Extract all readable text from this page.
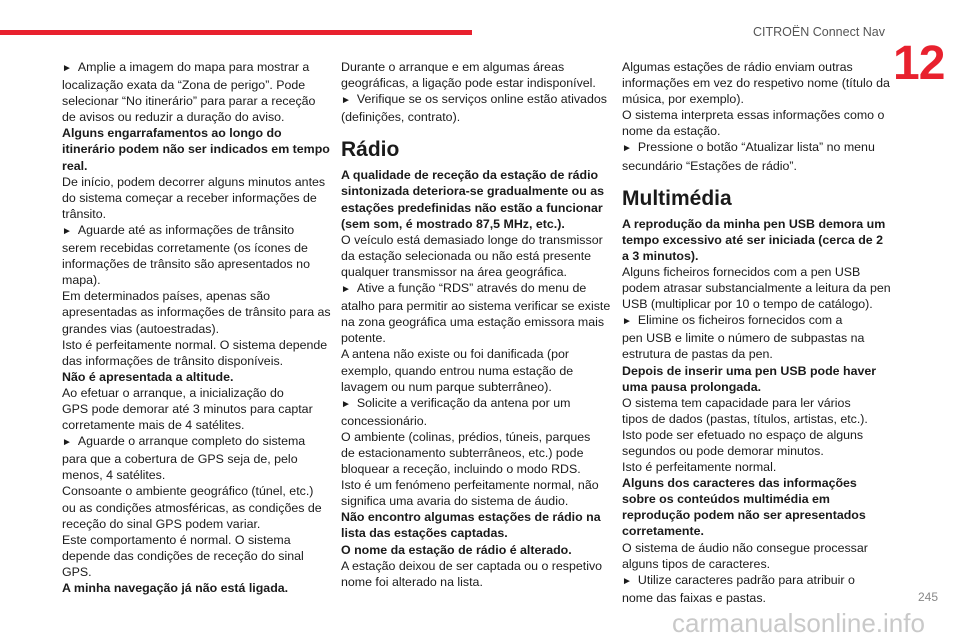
CITROËN Connect Nav
12
► Amplie a imagem do mapa para mostrar a
localização exata da “Zona de perigo”. Pode
selecionar “No itinerário” para parar a receção
de avisos ou reduzir a duração do aviso.
Alguns engarrafamentos ao longo do
itinerário podem não ser indicados em tempo
real.
De início, podem decorrer alguns minutos antes
do sistema começar a receber informações de
trânsito.
► Aguarde até as informações de trânsito
serem recebidas corretamente (os ícones de
informações de trânsito são apresentados no
mapa).
Em determinados países, apenas são
apresentadas as informações de trânsito para as
grandes vias (autoestradas).
Isto é perfeitamente normal. O sistema depende
das informações de trânsito disponíveis.
Não é apresentada a altitude.
Ao efetuar o arranque, a inicialização do
GPS pode demorar até 3 minutos para captar
corretamente mais de 4 satélites.
► Aguarde o arranque completo do sistema
para que a cobertura de GPS seja de, pelo
menos, 4 satélites.
Consoante o ambiente geográfico (túnel, etc.)
ou as condições atmosféricas, as condições de
receção do sinal GPS podem variar.
Este comportamento é normal. O sistema
depende das condições de receção do sinal
GPS.
A minha navegação já não está ligada.
Durante o arranque e em algumas áreas
geográficas, a ligação pode estar indisponível.
► Verifique se os serviços online estão ativados
(definições, contrato).
Rádio
A qualidade de receção da estação de rádio
sintonizada deteriora-se gradualmente ou as
estações predefinidas não estão a funcionar
(sem som, é mostrado 87,5 MHz, etc.).
O veículo está demasiado longe do transmissor
da estação selecionada ou não está presente
qualquer transmissor na área geográfica.
► Ative a função “RDS” através do menu de
atalho para permitir ao sistema verificar se existe
na zona geográfica uma estação emissora mais
potente.
A antena não existe ou foi danificada (por
exemplo, quando entrou numa estação de
lavagem ou num parque subterrâneo).
► Solicite a verificação da antena por um
concessionário.
O ambiente (colinas, prédios, túneis, parques
de estacionamento subterrâneos, etc.) pode
bloquear a receção, incluindo o modo RDS.
Isto é um fenómeno perfeitamente normal, não
significa uma avaria do sistema de áudio.
Não encontro algumas estações de rádio na
lista das estações captadas.
O nome da estação de rádio é alterado.
A estação deixou de ser captada ou o respetivo
nome foi alterado na lista.
Algumas estações de rádio enviam outras
informações em vez do respetivo nome (título da
música, por exemplo).
O sistema interpreta essas informações como o
nome da estação.
► Pressione o botão “Atualizar lista” no menu
secundário “Estações de rádio”.
Multimédia
A reprodução da minha pen USB demora um
tempo excessivo até ser iniciada (cerca de 2
a 3 minutos).
Alguns ficheiros fornecidos com a pen USB
podem atrasar substancialmente a leitura da pen
USB (multiplicar por 10 o tempo de catálogo).
► Elimine os ficheiros fornecidos com a
pen USB e limite o número de subpastas na
estrutura de pastas da pen.
Depois de inserir uma pen USB pode haver
uma pausa prolongada.
O sistema tem capacidade para ler vários
tipos de dados (pastas, títulos, artistas, etc.).
Isto pode ser efetuado no espaço de alguns
segundos ou pode demorar minutos.
Isto é perfeitamente normal.
Alguns dos caracteres das informações
sobre os conteúdos multimédia em
reprodução podem não ser apresentados
corretamente.
O sistema de áudio não consegue processar
alguns tipos de caracteres.
► Utilize caracteres padrão para atribuir o
nome das faixas e pastas.	245
carmanualsonline.info
